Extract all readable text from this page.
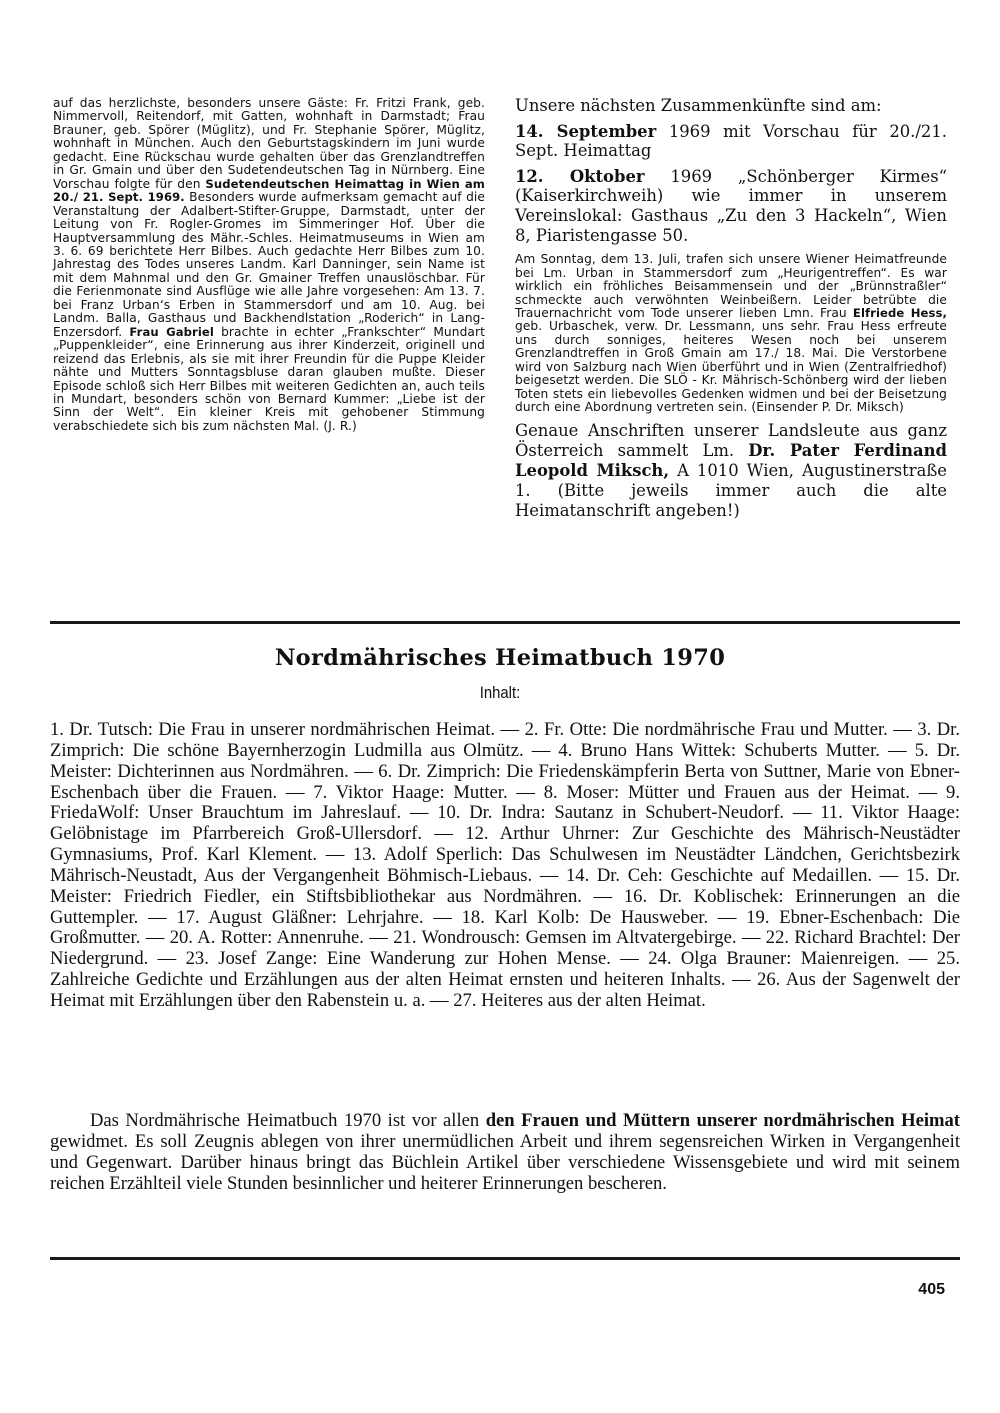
auf das herzlichste, besonders unsere Gäste: Fr. Fritzi Frank, geb. Nimmervoll, Reitendorf, mit Gatten, wohnhaft in Darmstadt; Frau Brauner, geb. Spörer (Müglitz), und Fr. Stephanie Spörer, Müglitz, wohnhaft in München. Auch den Geburtstagskindern im Juni wurde gedacht. Eine Rückschau wurde gehalten über das Grenzlandtreffen in Gr. Gmain und über den Sudetendeutschen Tag in Nürnberg. Eine Vorschau folgte für den Sudetendeutschen Heimattag in Wien am 20./ 21. Sept. 1969. Besonders wurde aufmerksam gemacht auf die Veranstaltung der Adalbert-Stifter-Gruppe, Darmstadt, unter der Leitung von Fr. Rogler-Gromes im Simmeringer Hof. Über die Hauptversammlung des Mähr.-Schles. Heimatmuseums in Wien am 3. 6. 69 berichtete Herr Bilbes. Auch gedachte Herr Bilbes zum 10. Jahrestag des Todes unseres Landm. Karl Danninger, sein Name ist mit dem Mahnmal und den Gr. Gmainer Treffen unauslöschbar. Für die Ferienmonate sind Ausflüge wie alle Jahre vorgesehen: Am 13. 7. bei Franz Urban‘s Erben in Stammersdorf und am 10. Aug. bei Landm. Balla, Gasthaus und Backhendlstation „Roderich“ in Lang-Enzersdorf. Frau Gabriel brachte in echter „Frankschter“ Mundart „Puppenkleider“, eine Erinnerung aus ihrer Kinderzeit, originell und reizend das Erlebnis, als sie mit ihrer Freundin für die Puppe Kleider nähte und Mutters Sonntagsbluse daran glauben mußte. Dieser Episode schloß sich Herr Bilbes mit weiteren Gedichten an, auch teils in Mundart, besonders schön von Bernard Kummer: „Liebe ist der Sinn der Welt“. Ein kleiner Kreis mit gehobener Stimmung verabschiedete sich bis zum nächsten Mal. (J. R.)

Unsere nächsten Zusammenkünfte sind am:

14. September 1969 mit Vorschau für 20./21. Sept. Heimattag

12. Oktober 1969 „Schönberger Kirmes“ (Kaiserkirchweih) wie immer in unserem Vereinslokal: Gasthaus „Zu den 3 Hackeln“, Wien 8, Piaristengasse 50.

Am Sonntag, dem 13. Juli, trafen sich unsere Wiener Heimatfreunde bei Lm. Urban in Stammersdorf zum „Heurigentreffen“. Es war wirklich ein fröhliches Beisammensein und der „Brünnstraßler“ schmeckte auch verwöhnten Weinbeißern. Leider betrübte die Trauernachricht vom Tode unserer lieben Lmn. Frau Elfriede Hess, geb. Urbaschek, verw. Dr. Lessmann, uns sehr. Frau Hess erfreute uns durch sonniges, heiteres Wesen noch bei unserem Grenzlandtreffen in Groß Gmain am 17./ 18. Mai. Die Verstorbene wird von Salzburg nach Wien überführt und in Wien (Zentralfriedhof) beigesetzt werden. Die SLÖ - Kr. Mährisch-Schönberg wird der lieben Toten stets ein liebevolles Gedenken widmen und bei der Beisetzung durch eine Abordnung vertreten sein. (Einsender P. Dr. Miksch)
Genaue Anschriften unserer Landsleute aus ganz Österreich sammelt Lm. Dr. Pater Ferdinand Leopold Miksch, A 1010 Wien, Augustinerstraße 1. (Bitte jeweils immer auch die alte Heimatanschrift angeben!)
Nordmährisches Heimatbuch 1970
Inhalt:

1. Dr. Tutsch: Die Frau in unserer nordmährischen Heimat. — 2. Fr. Otte: Die nordmährische Frau und Mutter. — 3. Dr. Zimprich: Die schöne Bayernherzogin Ludmilla aus Olmütz. — 4. Bruno Hans Wittek: Schuberts Mutter. — 5. Dr. Meister: Dichterinnen aus Nordmähren. — 6. Dr. Zimprich: Die Friedenskämpferin Berta von Suttner, Marie von Ebner-Eschenbach über die Frauen. — 7. Viktor Haage: Mutter. — 8. Moser: Mütter und Frauen aus der Heimat. — 9. FriedaWolf: Unser Brauchtum im Jahreslauf. — 10. Dr. Indra: Sautanz in Schubert-Neudorf. — 11. Viktor Haage: Gelöbnistage im Pfarrbereich Groß-Ullersdorf. — 12. Arthur Uhrner: Zur Geschichte des Mährisch-Neustädter Gymnasiums, Prof. Karl Klement. — 13. Adolf Sperlich: Das Schulwesen im Neustädter Ländchen, Gerichtsbezirk Mährisch-Neustadt, Aus der Vergangenheit Böhmisch-Liebaus. — 14. Dr. Ceh: Geschichte auf Medaillen. — 15. Dr. Meister: Friedrich Fiedler, ein Stiftsbibliothekar aus Nordmähren. — 16. Dr. Koblischek: Erinnerungen an die Guttempler. — 17. August Gläßner: Lehrjahre. — 18. Karl Kolb: De Hausweber. — 19. Ebner-Eschenbach: Die Großmutter. — 20. A. Rotter: Annenruhe. — 21. Wondrousch: Gemsen im Altvatergebirge. — 22. Richard Brachtel: Der Niedergrund. — 23. Josef Zange: Eine Wanderung zur Hohen Mense. — 24. Olga Brauner: Maienreigen. — 25. Zahlreiche Gedichte und Erzählungen aus der alten Heimat ernsten und heiteren Inhalts. — 26. Aus der Sagenwelt der Heimat mit Erzählungen über den Rabenstein u. a. — 27. Heiteres aus der alten Heimat.

Das Nordmährische Heimatbuch 1970 ist vor allen den Frauen und Müttern unserer nordmährischen Heimat gewidmet. Es soll Zeugnis ablegen von ihrer unermüdlichen Arbeit und ihrem segensreichen Wirken in Vergangenheit und Gegenwart. Darüber hinaus bringt das Büchlein Artikel über verschiedene Wissensgebiete und wird mit seinem reichen Erzählteil viele Stunden besinnlicher und heiterer Erinnerungen bescheren.

405
